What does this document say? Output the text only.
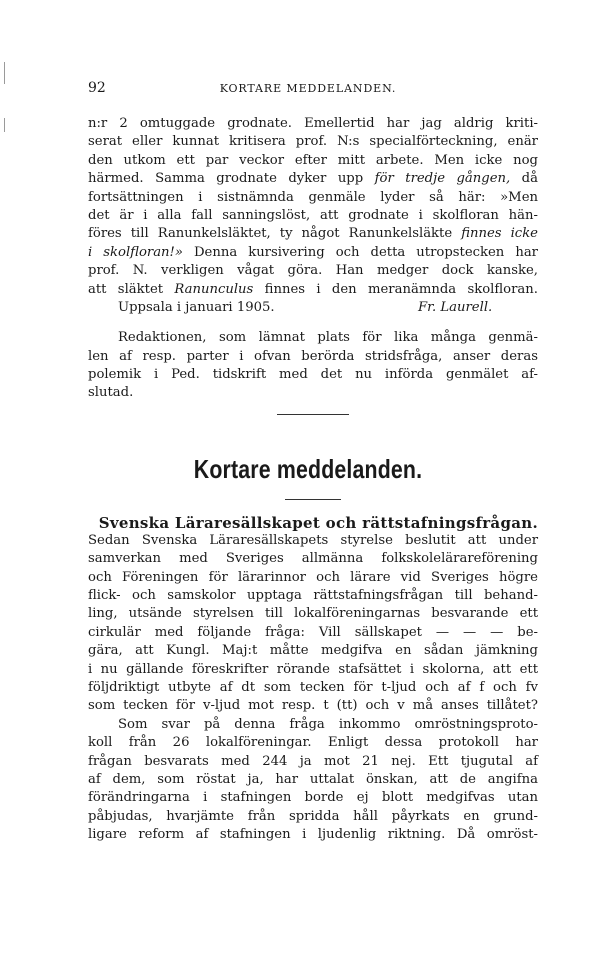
92	KORTARE MEDDELANDEN.
n:r 2 omtuggade grodnate. Emellertid har jag aldrig kriti-
serat eller kunnat kritisera prof. N:s specialförteckning, enär
den utkom ett par veckor efter mitt arbete. Men icke nog
härmed. Samma grodnate dyker upp för tredje gången, då
fortsättningen i sistnämnda genmäle lyder så här: »Men
det är i alla fall sanningslöst, att grodnate i skolfloran hän-
föres till Ranunkelsläktet, ty något Ranunkelsläkte finnes icke
i skolfloran!» Denna kursivering och detta utropstecken har
prof. N. verkligen vågat göra. Han medger dock kanske,
att släktet Ranunculus finnes i den meranämnda skolfloran.
Uppsala i januari 1905.	Fr. Laurell.
Redaktionen, som lämnat plats för lika många genmä-
len af resp. parter i ofvan berörda stridsfråga, anser deras
polemik i Ped. tidskrift med det nu införda genmälet af-
slutad.
Kortare meddelanden.
Svenska Läraresällskapet och rättstafningsfrågan.
Sedan Svenska Läraresällskapets styrelse beslutit att under
samverkan med Sveriges allmänna folkskolelärareförening
och Föreningen för lärarinnor och lärare vid Sveriges högre
flick- och samskolor upptaga rättstafningsfrågan till behand-
ling, utsände styrelsen till lokalföreningarnas besvarande ett
cirkulär med följande fråga: Vill sällskapet — — — be-
gära, att Kungl. Maj:t måtte medgifva en sådan jämkning
i nu gällande föreskrifter rörande stafsättet i skolorna, att ett
följdriktigt utbyte af dt som tecken för t-ljud och af f och fv
som tecken för v-ljud mot resp. t (tt) och v må anses tillåtet?
Som svar på denna fråga inkommo omröstningsproto-
koll från 26 lokalföreningar. Enligt dessa protokoll har
frågan besvarats med 244 ja mot 21 nej. Ett tjugutal af
af dem, som röstat ja, har uttalat önskan, att de angifna
förändringarna i stafningen borde ej blott medgifvas utan
påbjudas, hvarjämte från spridda håll påyrkats en grund-
ligare reform af stafningen i ljudenlig riktning. Då omröst-
